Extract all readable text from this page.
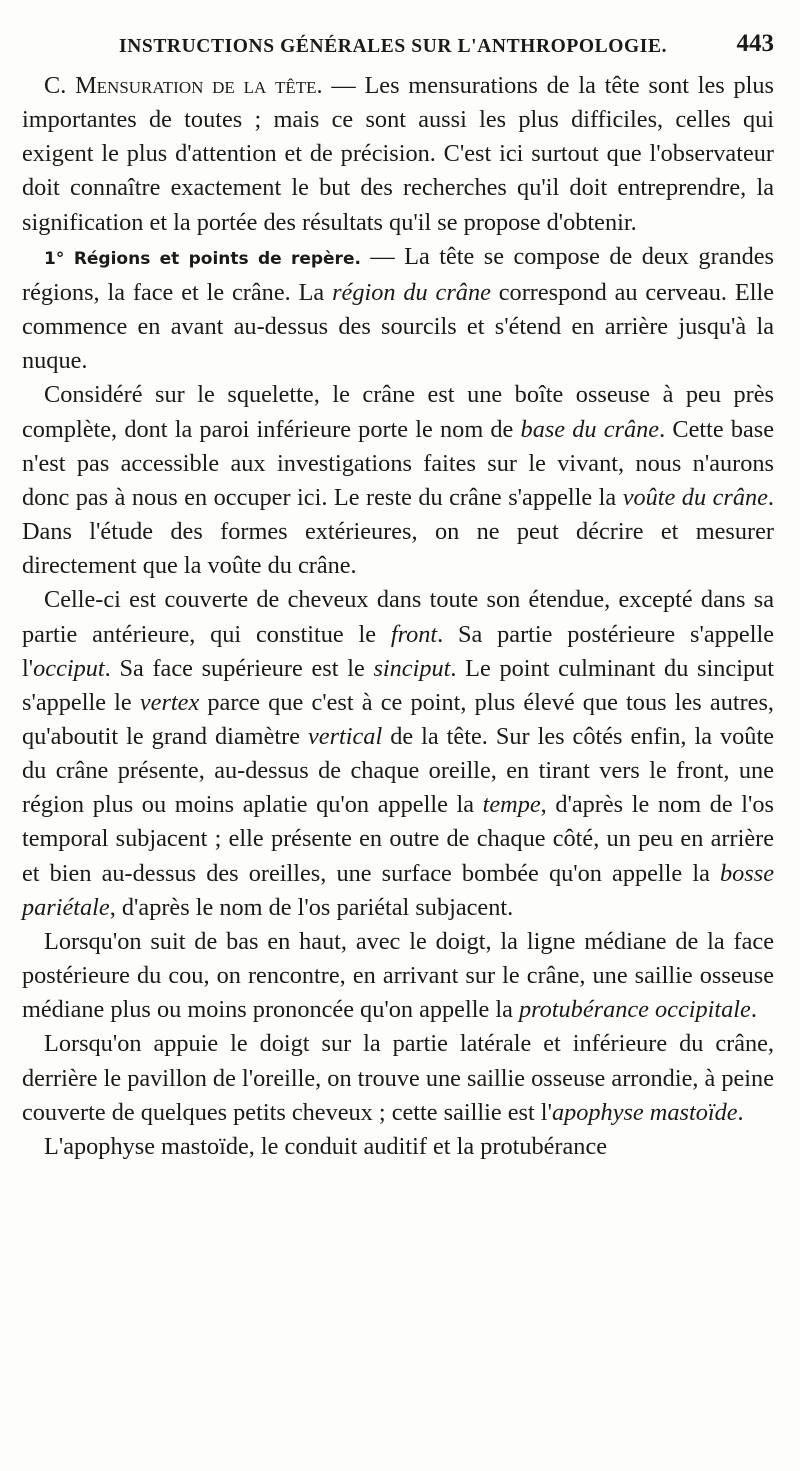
INSTRUCTIONS GÉNÉRALES SUR L'ANTHROPOLOGIE.	443

C. Mensuration de la tête. — Les mensurations de la tête sont les plus importantes de toutes ; mais ce sont aussi les plus difficiles, celles qui exigent le plus d'attention et de précision. C'est ici surtout que l'observateur doit connaître exactement le but des recherches qu'il doit entreprendre, la signification et la portée des résultats qu'il se propose d'obtenir.

1° Régions et points de repère. — La tête se compose de deux grandes régions, la face et le crâne. La région du crâne correspond au cerveau. Elle commence en avant au-dessus des sourcils et s'étend en arrière jusqu'à la nuque.

Considéré sur le squelette, le crâne est une boîte osseuse à peu près complète, dont la paroi inférieure porte le nom de base du crâne. Cette base n'est pas accessible aux investigations faites sur le vivant, nous n'aurons donc pas à nous en occuper ici. Le reste du crâne s'appelle la voûte du crâne. Dans l'étude des formes extérieures, on ne peut décrire et mesurer directement que la voûte du crâne.

Celle-ci est couverte de cheveux dans toute son étendue, excepté dans sa partie antérieure, qui constitue le front. Sa partie postérieure s'appelle l'occiput. Sa face supérieure est le sinciput. Le point culminant du sinciput s'appelle le vertex parce que c'est à ce point, plus élevé que tous les autres, qu'aboutit le grand diamètre vertical de la tête. Sur les côtés enfin, la voûte du crâne présente, au-dessus de chaque oreille, en tirant vers le front, une région plus ou moins aplatie qu'on appelle la tempe, d'après le nom de l'os temporal subjacent ; elle présente en outre de chaque côté, un peu en arrière et bien au-dessus des oreilles, une surface bombée qu'on appelle la bosse pariétale, d'après le nom de l'os pariétal subjacent.

Lorsqu'on suit de bas en haut, avec le doigt, la ligne médiane de la face postérieure du cou, on rencontre, en arrivant sur le crâne, une saillie osseuse médiane plus ou moins prononcée qu'on appelle la protubérance occipitale.

Lorsqu'on appuie le doigt sur la partie latérale et inférieure du crâne, derrière le pavillon de l'oreille, on trouve une saillie osseuse arrondie, à peine couverte de quelques petits cheveux ; cette saillie est l'apophyse mastoïde.

L'apophyse mastoïde, le conduit auditif et la protubérance
